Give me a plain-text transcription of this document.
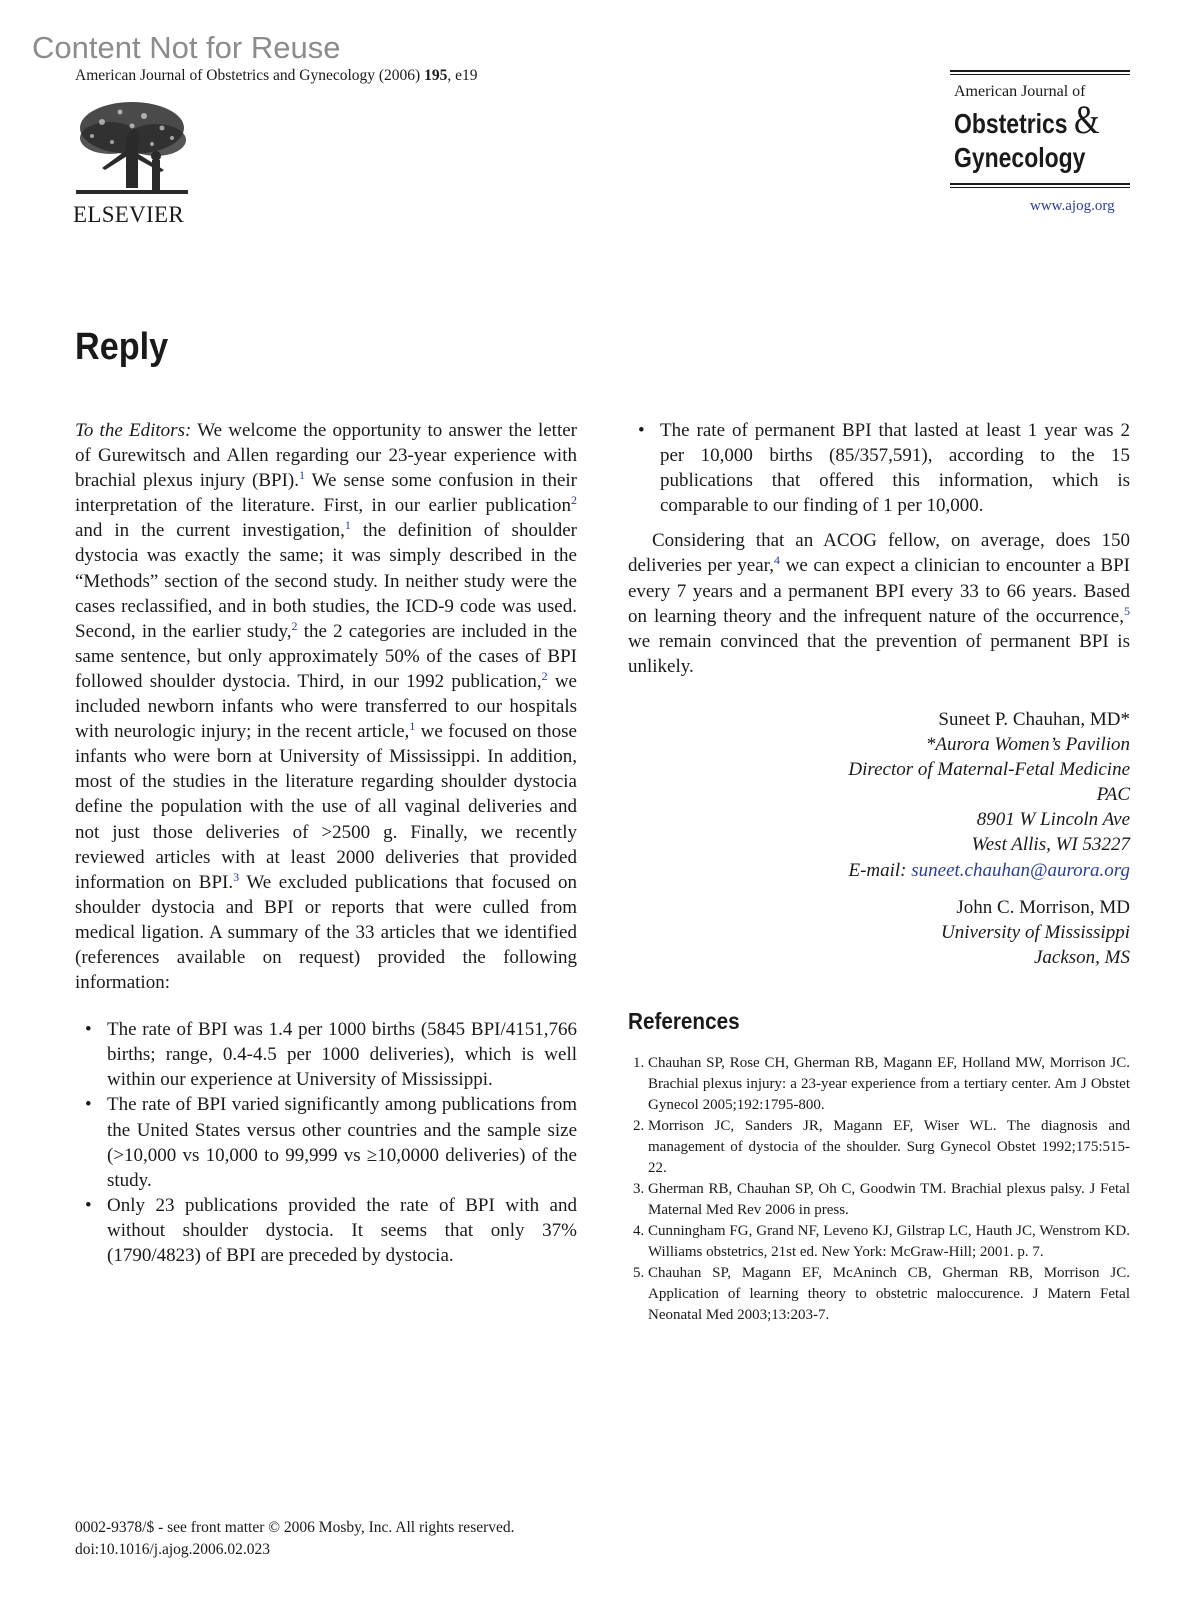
Content Not for Reuse
American Journal of Obstetrics and Gynecology (2006) 195, e19
ELSEVIER
American Journal of
Obstetrics &
Gynecology
www.ajog.org
Reply

To the Editors: We welcome the opportunity to answer the letter of Gurewitsch and Allen regarding our 23-year experience with brachial plexus injury (BPI).$^1$ We sense some confusion in their interpretation of the literature. First, in our earlier publication$^2$ and in the current investigation,$^1$ the definition of shoulder dystocia was exactly the same; it was simply described in the “Methods” section of the second study. In neither study were the cases reclassified, and in both studies, the ICD-9 code was used. Second, in the earlier study,$^2$ the 2 categories are included in the same sentence, but only approximately 50% of the cases of BPI followed shoulder dystocia. Third, in our 1992 publication,$^2$ we included newborn infants who were transferred to our hospitals with neurologic injury; in the recent article,$^1$ we focused on those infants who were born at University of Mississippi. In addition, most of the studies in the literature regarding shoulder dystocia define the population with the use of all vaginal deliveries and not just those deliveries of >2500 g. Finally, we recently reviewed articles with at least 2000 deliveries that provided information on BPI.$^3$ We excluded publications that focused on shoulder dystocia and BPI or reports that were culled from medical ligation. A summary of the 33 articles that we identified (references available on request) provided the following information:

• The rate of BPI was 1.4 per 1000 births (5845 BPI/4151,766 births; range, 0.4-4.5 per 1000 deliveries), which is well within our experience at University of Mississippi.
• The rate of BPI varied significantly among publications from the United States versus other countries and the sample size (>10,000 vs 10,000 to 99,999 vs ≥10,0000 deliveries) of the study.
• Only 23 publications provided the rate of BPI with and without shoulder dystocia. It seems that only 37% (1790/4823) of BPI are preceded by dystocia.
• The rate of permanent BPI that lasted at least 1 year was 2 per 10,000 births (85/357,591), according to the 15 publications that offered this information, which is comparable to our finding of 1 per 10,000.

Considering that an ACOG fellow, on average, does 150 deliveries per year,$^4$ we can expect a clinician to encounter a BPI every 7 years and a permanent BPI every 33 to 66 years. Based on learning theory and the infrequent nature of the occurrence,$^5$ we remain convinced that the prevention of permanent BPI is unlikely.

Suneet P. Chauhan, MD*
*Aurora Women’s Pavilion
Director of Maternal-Fetal Medicine
PAC
8901 W Lincoln Ave
West Allis, WI 53227
E-mail: suneet.chauhan@aurora.org
John C. Morrison, MD
University of Mississippi
Jackson, MS
References
1. Chauhan SP, Rose CH, Gherman RB, Magann EF, Holland MW, Morrison JC. Brachial plexus injury: a 23-year experience from a tertiary center. Am J Obstet Gynecol 2005;192:1795-800.
2. Morrison JC, Sanders JR, Magann EF, Wiser WL. The diagnosis and management of dystocia of the shoulder. Surg Gynecol Obstet 1992;175:515-22.
3. Gherman RB, Chauhan SP, Oh C, Goodwin TM. Brachial plexus palsy. J Fetal Maternal Med Rev 2006 in press.
4. Cunningham FG, Grand NF, Leveno KJ, Gilstrap LC, Hauth JC, Wenstrom KD. Williams obstetrics, 21st ed. New York: McGraw-Hill; 2001. p. 7.
5. Chauhan SP, Magann EF, McAninch CB, Gherman RB, Morrison JC. Application of learning theory to obstetric maloccurence. J Matern Fetal Neonatal Med 2003;13:203-7.
0002-9378/$ - see front matter © 2006 Mosby, Inc. All rights reserved.
doi:10.1016/j.ajog.2006.02.023
